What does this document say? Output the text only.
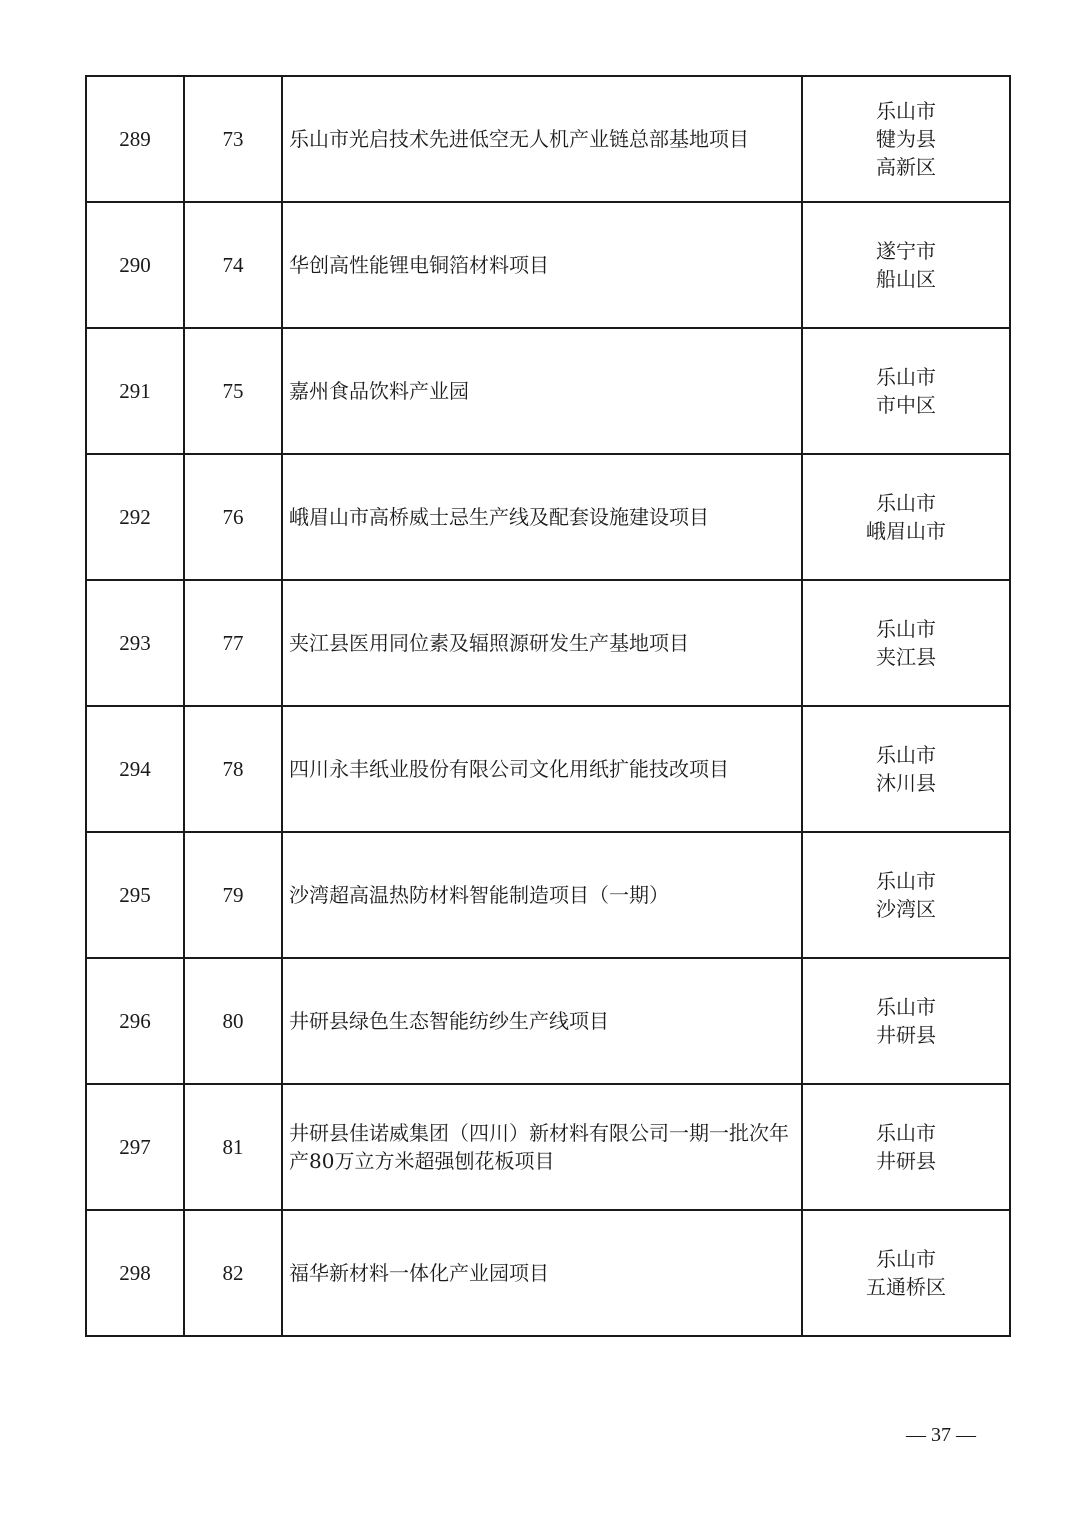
289	73	乐山市光启技术先进低空无人机产业链总部基地项目	乐山市
犍为县
高新区

290	74	华创高性能锂电铜箔材料项目	遂宁市
船山区

291	75	嘉州食品饮料产业园	乐山市
市中区

292	76	峨眉山市高桥威士忌生产线及配套设施建设项目	乐山市
峨眉山市

293	77	夹江县医用同位素及辐照源研发生产基地项目	乐山市
夹江县

294	78	四川永丰纸业股份有限公司文化用纸扩能技改项目	乐山市
沐川县

295	79	沙湾超高温热防材料智能制造项目（一期）	乐山市
沙湾区

296	80	井研县绿色生态智能纺纱生产线项目	乐山市
井研县

297	81	井研县佳诺威集团（四川）新材料有限公司一期一批次年产80万立方米超强刨花板项目	乐山市
井研县

298	82	福华新材料一体化产业园项目	乐山市
五通桥区
— 37 —
